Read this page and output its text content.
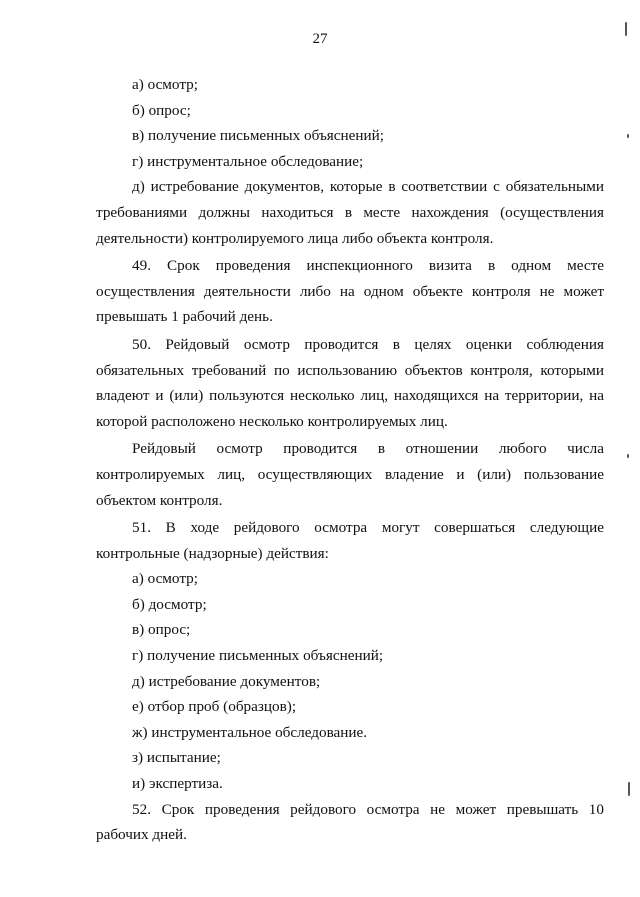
27
а) осмотр;
б) опрос;
в) получение письменных объяснений;
г) инструментальное обследование;
д) истребование документов, которые в соответствии с обязательными требованиями должны находиться в месте нахождения (осуществления деятельности) контролируемого лица либо объекта контроля.
49. Срок проведения инспекционного визита в одном месте осуществления деятельности либо на одном объекте контроля не может превышать 1 рабочий день.
50. Рейдовый осмотр проводится в целях оценки соблюдения обязательных требований по использованию объектов контроля, которыми владеют и (или) пользуются несколько лиц, находящихся на территории, на которой расположено несколько контролируемых лиц.
Рейдовый осмотр проводится в отношении любого числа контролируемых лиц, осуществляющих владение и (или) пользование объектом контроля.
51. В ходе рейдового осмотра могут совершаться следующие контрольные (надзорные) действия:
а) осмотр;
б) досмотр;
в) опрос;
г) получение письменных объяснений;
д) истребование документов;
е) отбор проб (образцов);
ж) инструментальное обследование.
з) испытание;
и) экспертиза.
52. Срок проведения рейдового осмотра не может превышать 10 рабочих дней.
